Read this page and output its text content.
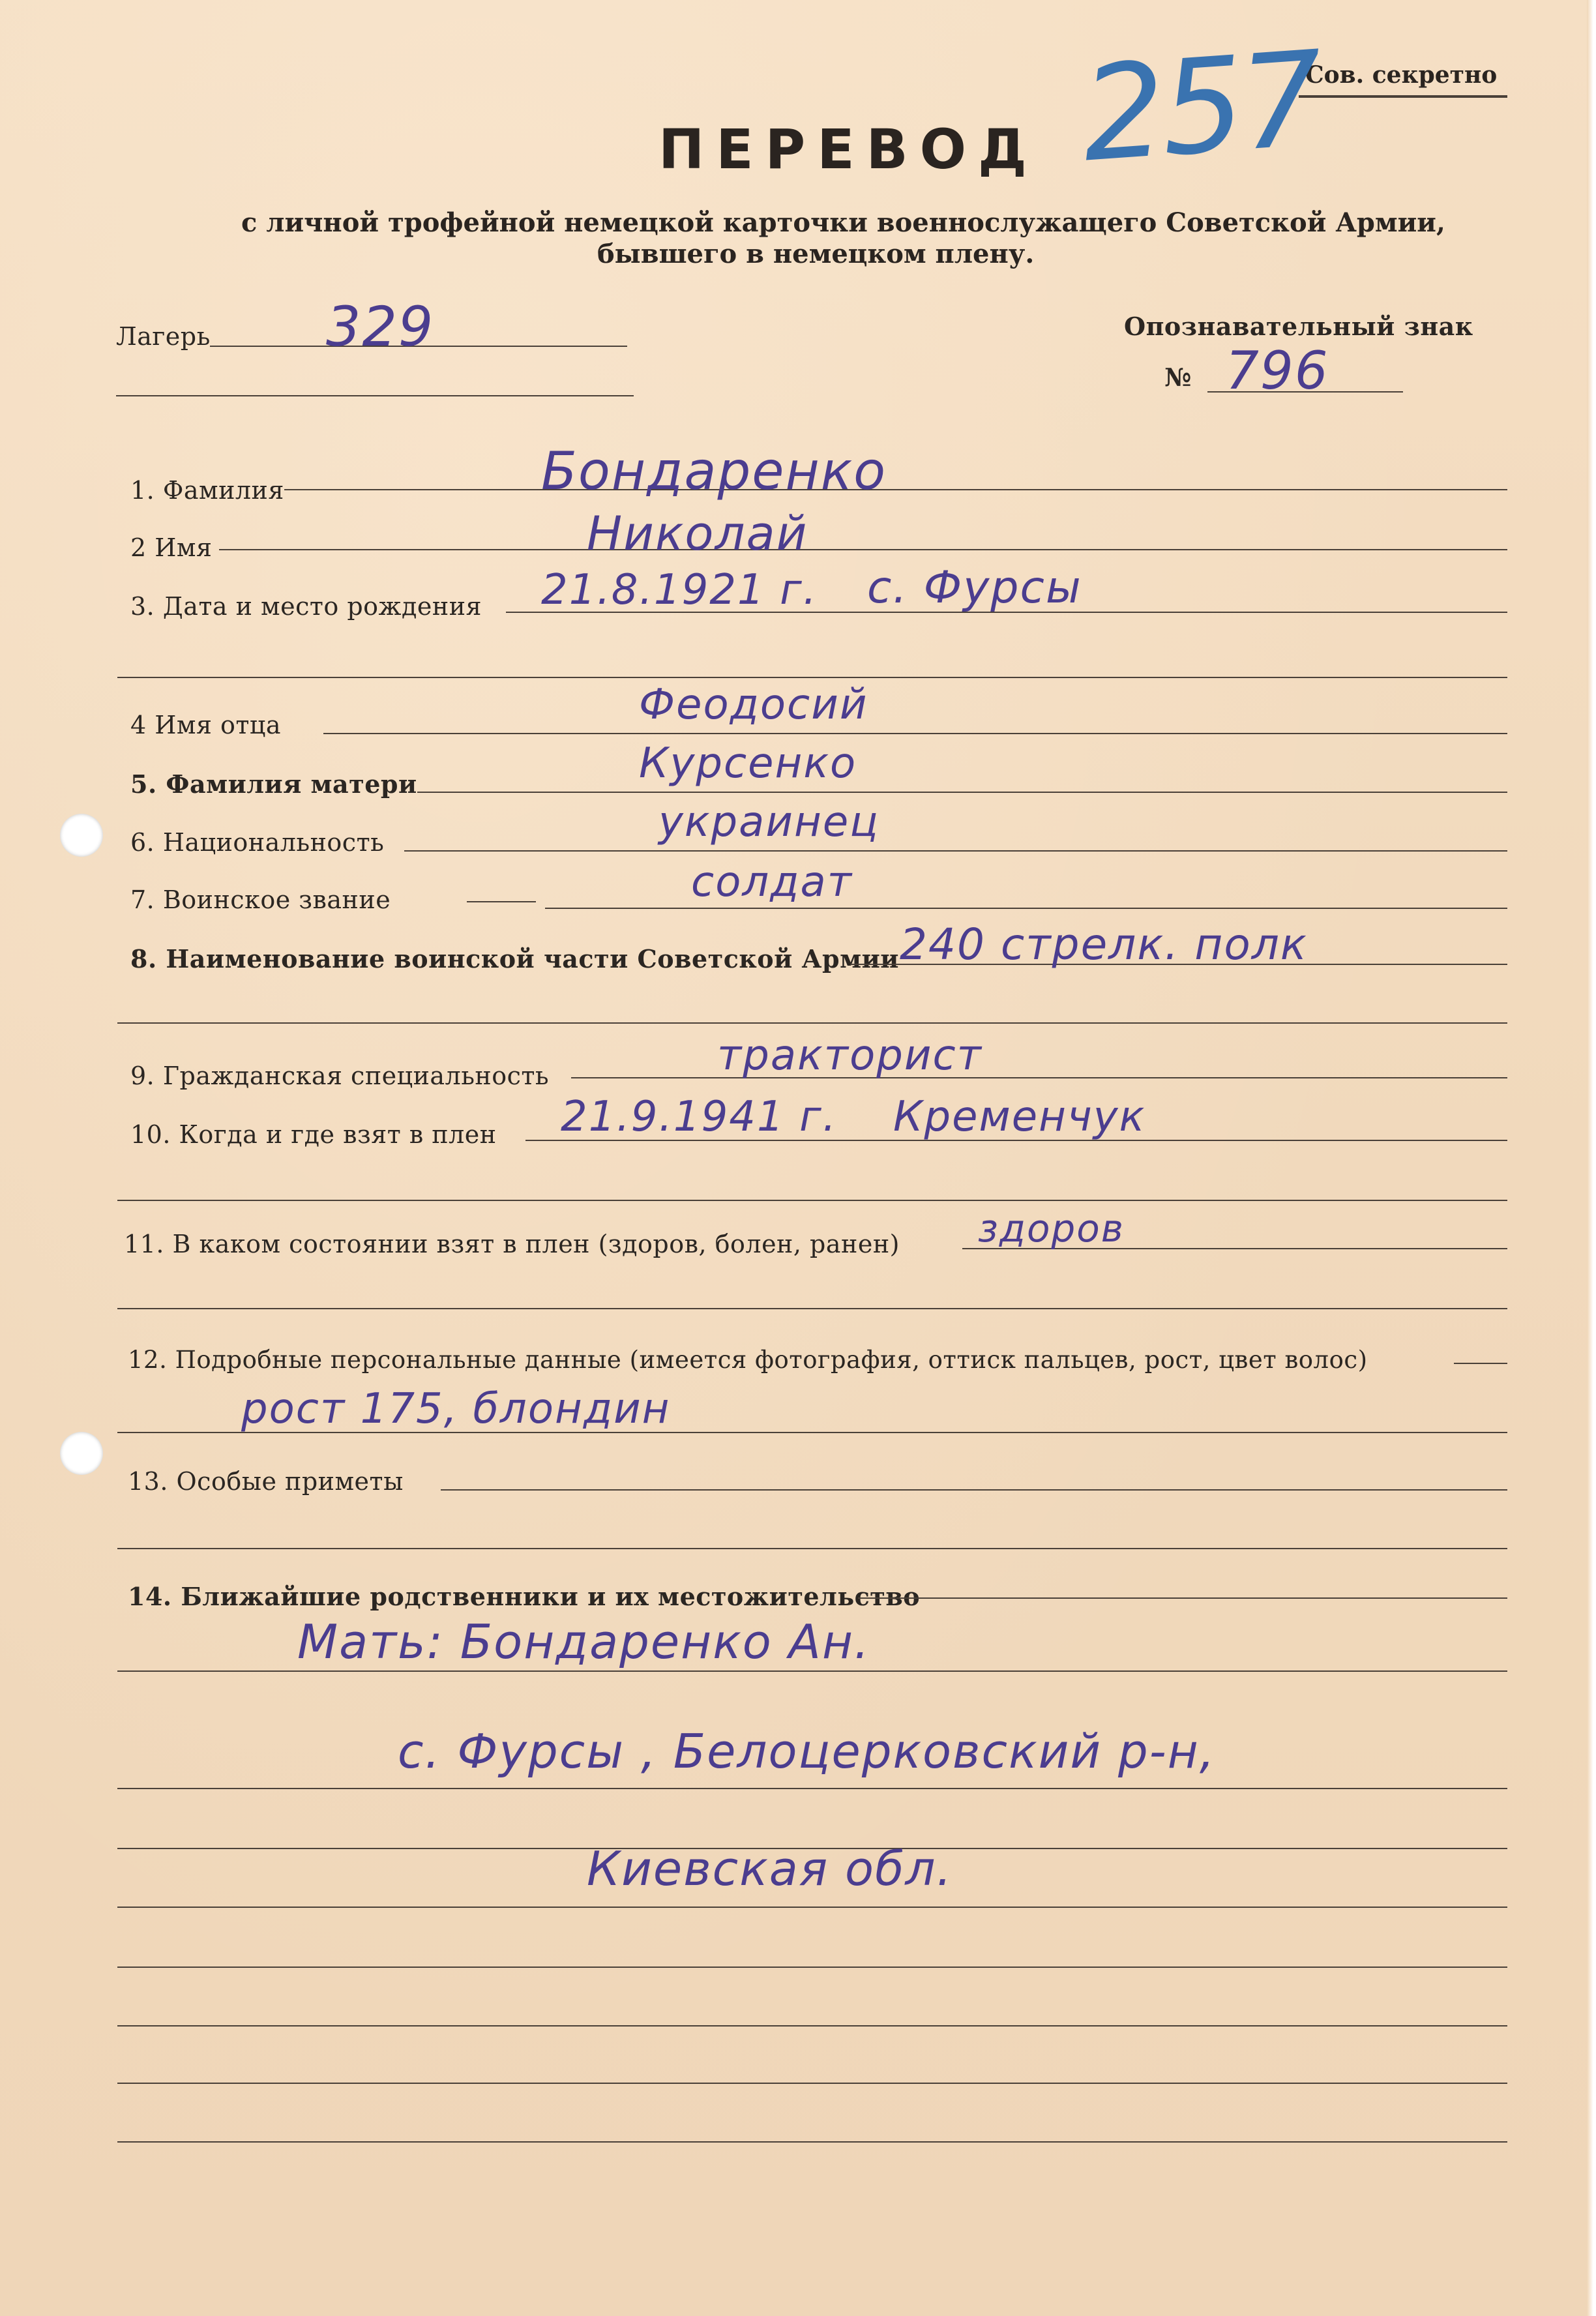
Сов. секретно
257
ПЕРЕВОД
с личной трофейной немецкой карточки военнослужащего Советской Армии,
бывшего в немецком плену.
Лагерь 329	Опознавательный знак
№ 796
1. Фамилия	Бондаренко
2 Имя	Николай
3. Дата и место рождения 21.8.1921 г. с. Фурсы
4 Имя отца	Феодосий
5. Фамилия матери	Курсенко
6. Национальность	украинец
7. Воинское звание	солдат
8. Наименование воинской части Советской Армии 240 стрелк. полк
9. Гражданская специальность	тракторист
10. Когда и где взят в плен 21.9.1941 г. Кременчук
11. В каком состоянии взят в плен (здоров, болен, ранен) здоров
12. Подробные персональные данные (имеется фотография, оттиск пальцев, рост, цвет волос)
рост 175, блондин
13. Особые приметы
14. Ближайшие родственники и их местожительство
Мать: Бондаренко Ан.
с. Фурсы , Белоцерковский р-н,
Киевская обл.
